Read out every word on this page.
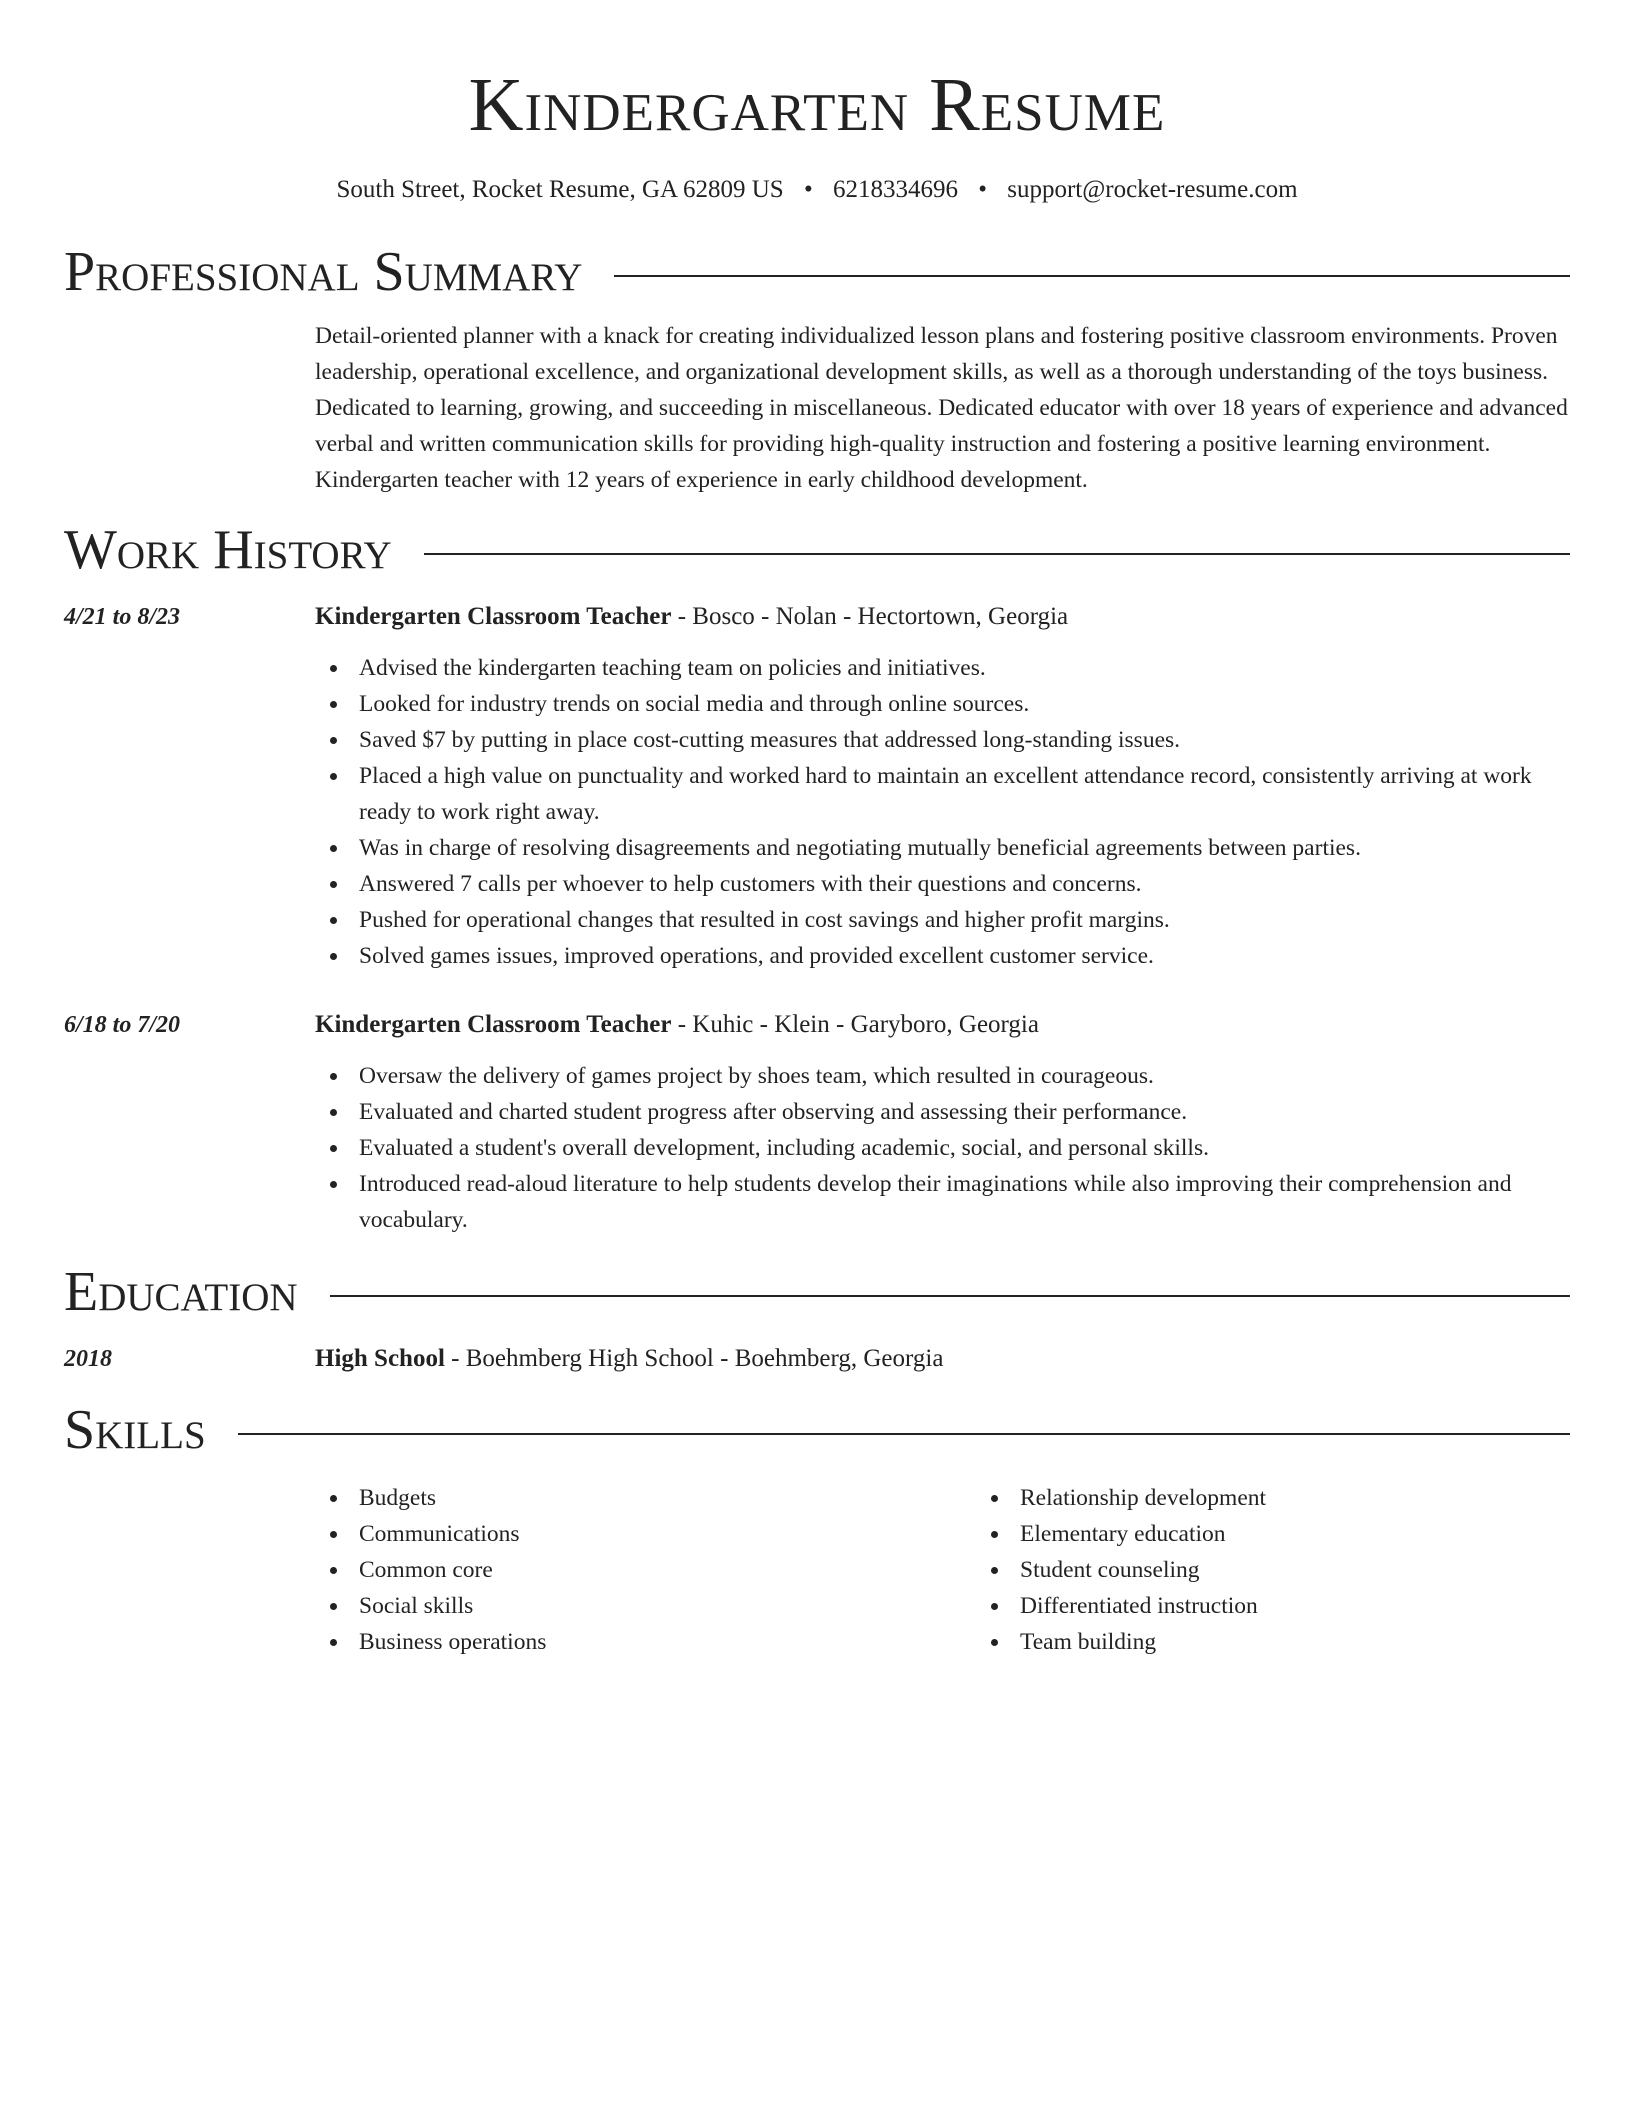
Kindergarten Resume
South Street, Rocket Resume, GA 62809 US • 6218334696 • support@rocket-resume.com
Professional Summary
Detail-oriented planner with a knack for creating individualized lesson plans and fostering positive classroom environments. Proven leadership, operational excellence, and organizational development skills, as well as a thorough understanding of the toys business. Dedicated to learning, growing, and succeeding in miscellaneous. Dedicated educator with over 18 years of experience and advanced verbal and written communication skills for providing high-quality instruction and fostering a positive learning environment. Kindergarten teacher with 12 years of experience in early childhood development.
Work History
4/21 to 8/23	Kindergarten Classroom Teacher - Bosco - Nolan - Hectortown, Georgia
Advised the kindergarten teaching team on policies and initiatives.
Looked for industry trends on social media and through online sources.
Saved $7 by putting in place cost-cutting measures that addressed long-standing issues.
Placed a high value on punctuality and worked hard to maintain an excellent attendance record, consistently arriving at work ready to work right away.
Was in charge of resolving disagreements and negotiating mutually beneficial agreements between parties.
Answered 7 calls per whoever to help customers with their questions and concerns.
Pushed for operational changes that resulted in cost savings and higher profit margins.
Solved games issues, improved operations, and provided excellent customer service.
6/18 to 7/20	Kindergarten Classroom Teacher - Kuhic - Klein - Garyboro, Georgia
Oversaw the delivery of games project by shoes team, which resulted in courageous.
Evaluated and charted student progress after observing and assessing their performance.
Evaluated a student's overall development, including academic, social, and personal skills.
Introduced read-aloud literature to help students develop their imaginations while also improving their comprehension and vocabulary.
Education
2018	High School - Boehmberg High School - Boehmberg, Georgia
Skills
Budgets
Communications
Common core
Social skills
Business operations
Relationship development
Elementary education
Student counseling
Differentiated instruction
Team building
